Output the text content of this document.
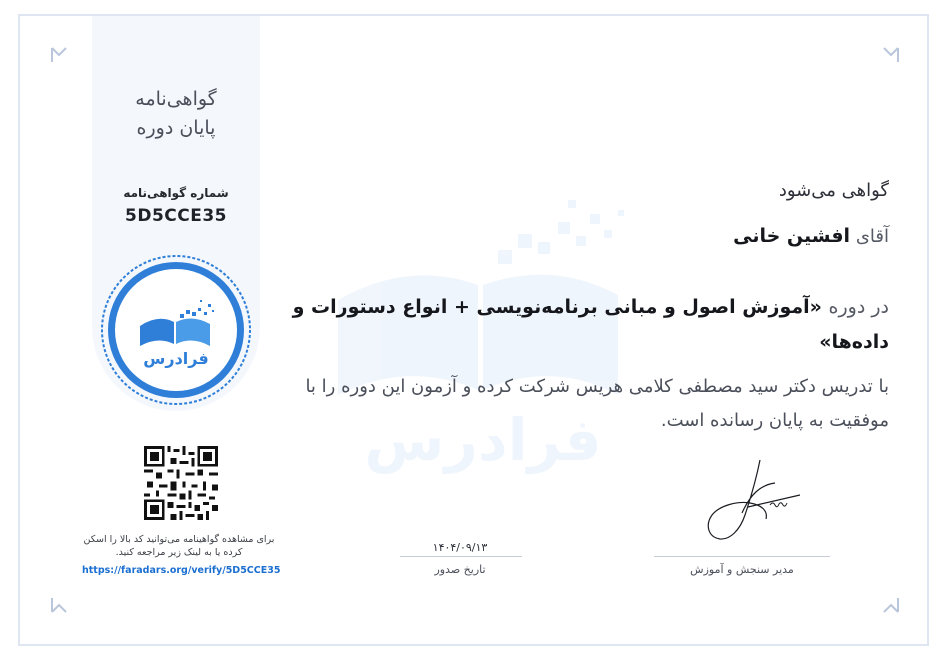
گواهی‌نامه
پایان دوره
شماره گواهی‌نامه
5D5CCE35
فرادرس
برای مشاهده گواهینامه می‌توانید کد بالا را اسکن کرده یا به لینک زیر مراجعه کنید.
https://faradars.org/verify/5D5CCE35
فرادرس
گواهی می‌شود
آقای افشین خانی
در دوره «آموزش اصول و مبانی برنامه‌نویسی + انواع دستورات و داده‌ها»
با تدریس دکتر سید مصطفی کلامی هریس شرکت کرده و آزمون این دوره را با موفقیت به پایان رسانده است.
۱۴۰۴/۰۹/۱۳
تاریخ صدور	مدیر سنجش و آموزش
